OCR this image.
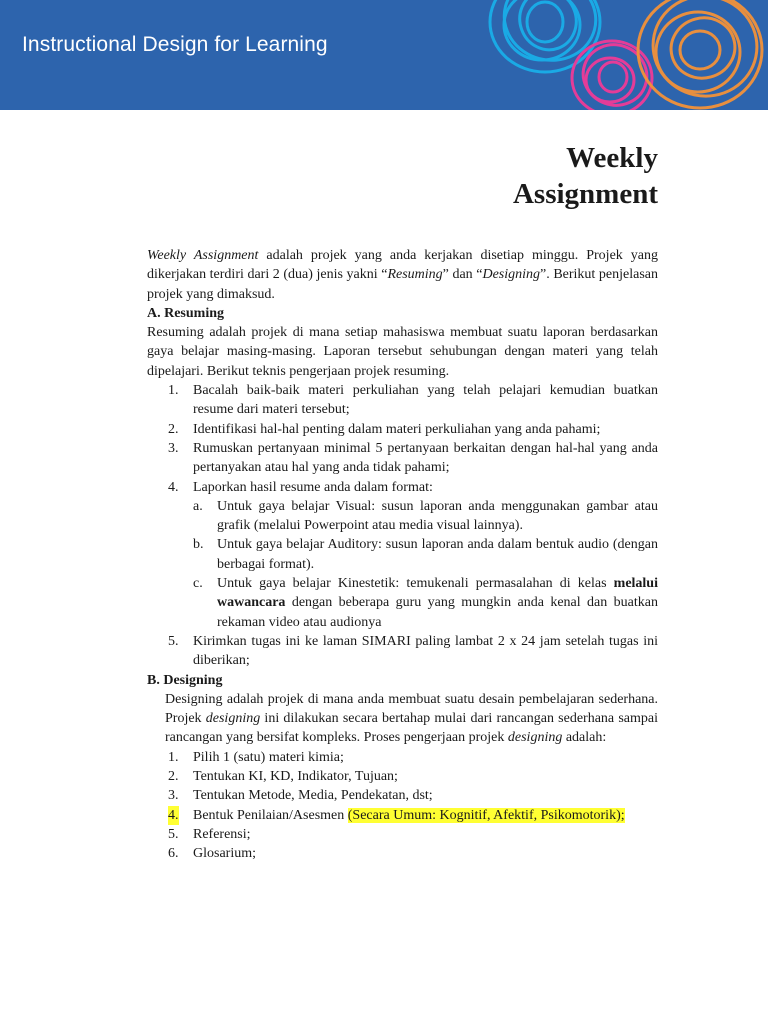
Instructional Design for Learning
Weekly
Assignment

Weekly Assignment adalah projek yang anda kerjakan disetiap minggu. Projek yang dikerjakan terdiri dari 2 (dua) jenis yakni “Resuming” dan “Designing”. Berikut penjelasan projek yang dimaksud.

A. Resuming

Resuming adalah projek di mana setiap mahasiswa membuat suatu laporan berdasarkan gaya belajar masing-masing. Laporan tersebut sehubungan dengan materi yang telah dipelajari. Berikut teknis pengerjaan projek resuming.

1. Bacalah baik-baik materi perkuliahan yang telah pelajari kemudian buatkan resume dari materi tersebut;
2. Identifikasi hal-hal penting dalam materi perkuliahan yang anda pahami;
3. Rumuskan pertanyaan minimal 5 pertanyaan berkaitan dengan hal-hal yang anda pertanyakan atau hal yang anda tidak pahami;
4. Laporkan hasil resume anda dalam format:
a. Untuk gaya belajar Visual: susun laporan anda menggunakan gambar atau grafik (melalui Powerpoint atau media visual lainnya).
b. Untuk gaya belajar Auditory: susun laporan anda dalam bentuk audio (dengan berbagai format).
c. Untuk gaya belajar Kinestetik: temukenali permasalahan di kelas melalui wawancara dengan beberapa guru yang mungkin anda kenal dan buatkan rekaman video atau audionya
5. Kirimkan tugas ini ke laman SIMARI paling lambat 2 x 24 jam setelah tugas ini diberikan;
B. Designing

Designing adalah projek di mana anda membuat suatu desain pembelajaran sederhana. Projek designing ini dilakukan secara bertahap mulai dari rancangan sederhana sampai rancangan yang bersifat kompleks. Proses pengerjaan projek designing adalah:

1. Pilih 1 (satu) materi kimia;
2. Tentukan KI, KD, Indikator, Tujuan;
3. Tentukan Metode, Media, Pendekatan, dst;
4. Bentuk Penilaian/Asesmen (Secara Umum: Kognitif, Afektif, Psikomotorik);
5. Referensi;
6. Glosarium;
